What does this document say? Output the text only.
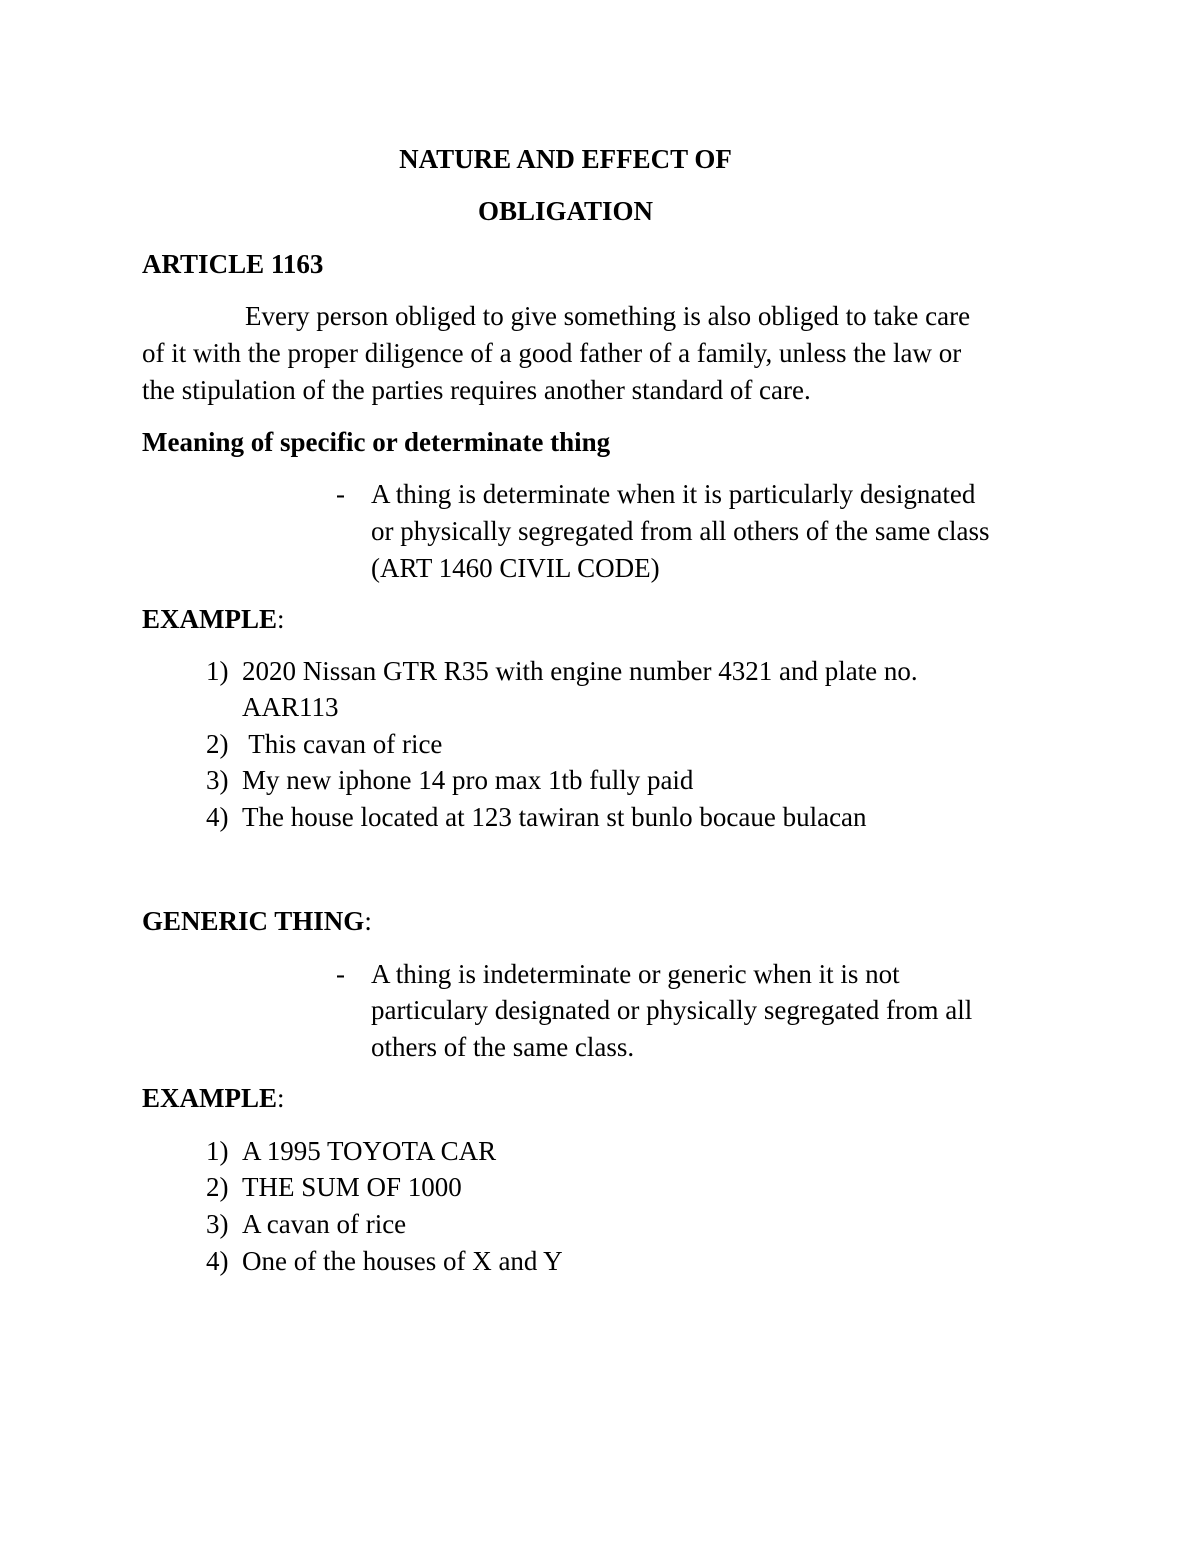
NATURE AND EFFECT OF
OBLIGATION
ARTICLE 1163
Every person obliged to give something is also obliged to take care
of it with the proper diligence of a good father of a family, unless the law or
the stipulation of the parties requires another standard of care.
Meaning of specific or determinate thing
- A thing is determinate when it is particularly designated
or physically segregated from all others of the same class
(ART 1460 CIVIL CODE)
EXAMPLE:
1) 2020 Nissan GTR R35 with engine number 4321 and plate no.
AAR113
2) This cavan of rice
3) My new iphone 14 pro max 1tb fully paid
4) The house located at 123 tawiran st bunlo bocaue bulacan
GENERIC THING:
- A thing is indeterminate or generic when it is not
particulary designated or physically segregated from all
others of the same class.
EXAMPLE:
1) A 1995 TOYOTA CAR
2) THE SUM OF 1000
3) A cavan of rice
4) One of the houses of X and Y
